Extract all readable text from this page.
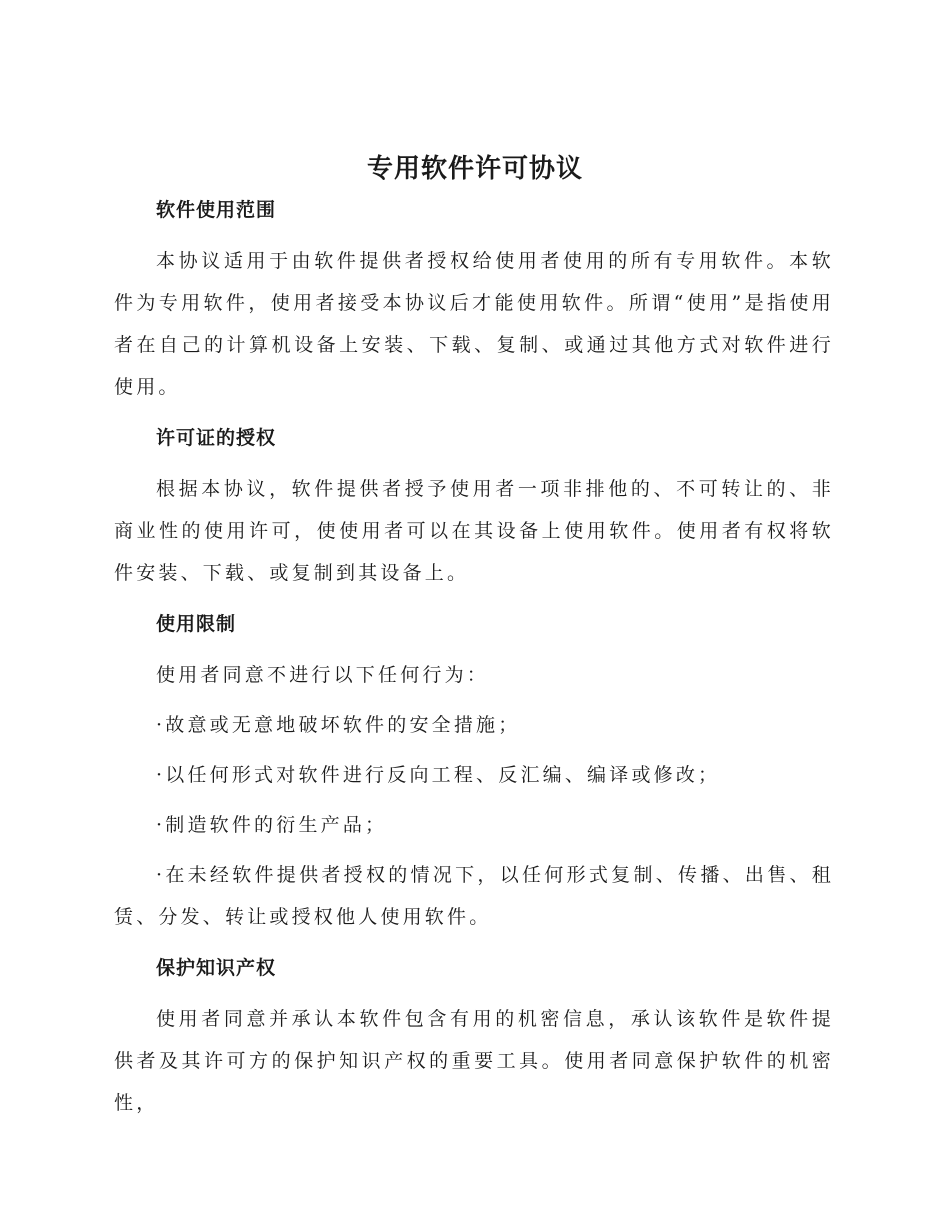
专用软件许可协议
软件使用范围

本协议适用于由软件提供者授权给使用者使用的所有专用软件。本软件为专用软件，使用者接受本协议后才能使用软件。所谓“使用”是指使用者在自己的计算机设备上安装、下载、复制、或通过其他方式对软件进行使用。

许可证的授权

根据本协议，软件提供者授予使用者一项非排他的、不可转让的、非商业性的使用许可，使使用者可以在其设备上使用软件。使用者有权将软件安装、下载、或复制到其设备上。

使用限制

使用者同意不进行以下任何行为：

·故意或无意地破坏软件的安全措施；

·以任何形式对软件进行反向工程、反汇编、编译或修改；

·制造软件的衍生产品；

·在未经软件提供者授权的情况下，以任何形式复制、传播、出售、租赁、分发、转让或授权他人使用软件。

保护知识产权

使用者同意并承认本软件包含有用的机密信息，承认该软件是软件提供者及其许可方的保护知识产权的重要工具。使用者同意保护软件的机密性，
